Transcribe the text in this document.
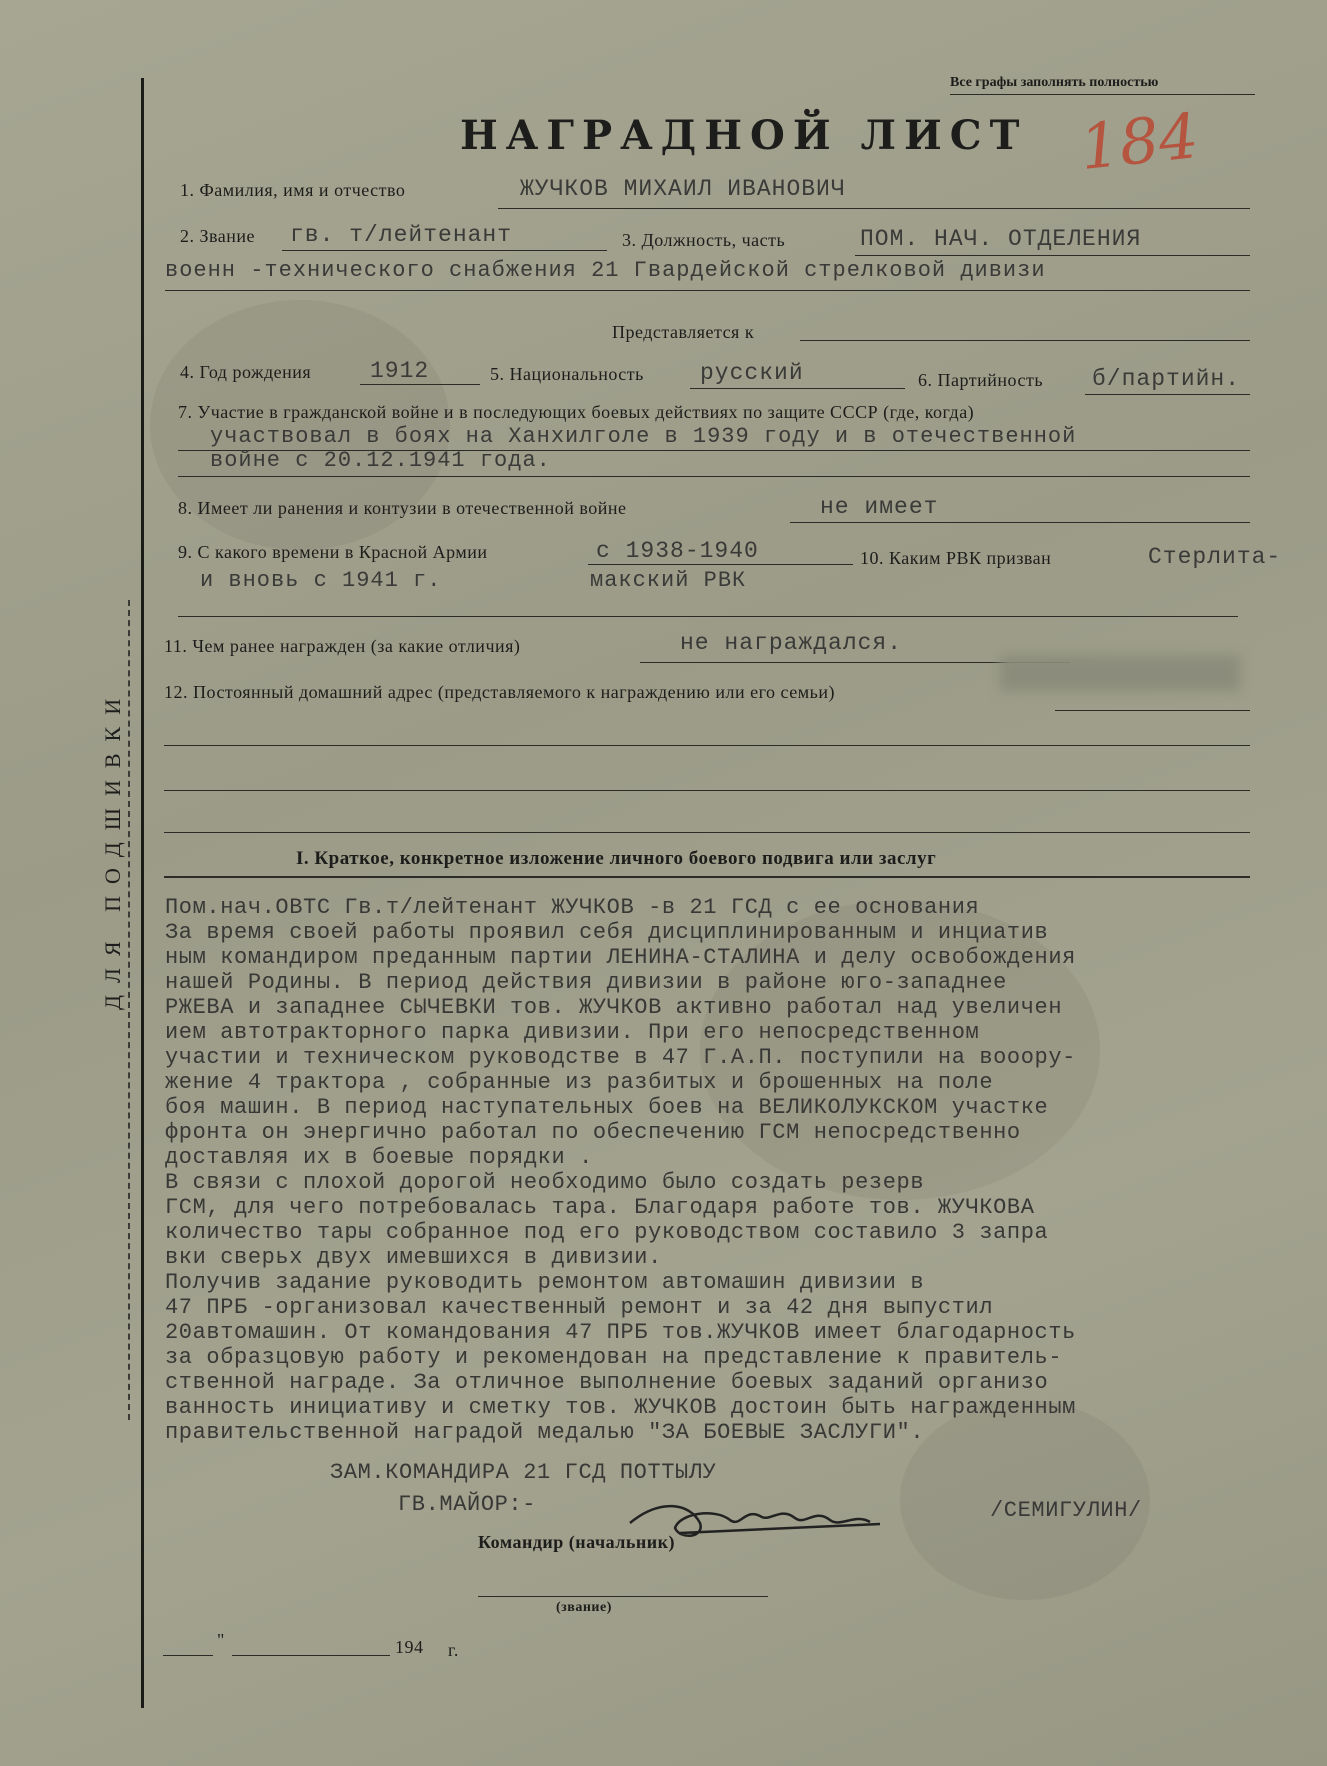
Все графы заполнять полностью
НАГРАДНОЙ ЛИСТ 184
ДЛЯ ПОДШИВКИ
1. Фамилия, имя и отчество	ЖУЧКОВ МИХАИЛ ИВАНОВИЧ
2. Звание гв. т/лейтенант	3. Должность, часть	ПОМ. НАЧ. ОТДЕЛЕНИЯ
военн -технического снабжения 21 Гвардейской стрелковой дивизи
Представляется к
4. Год рождения	1912	5. Национальность русский	6. Партийность б/партийн.
7. Участие в гражданской войне и в последующих боевых действиях по защите СССР (где, когда)
участвовал в боях на Ханхилголе в 1939 году и в отечественной
войне с 20.12.1941 года.
8. Имеет ли ранения и контузии в отечественной войне	не имеет
9. С какого времени в Красной Армии	с 1938-1940	10. Каким РВК призван	Стерлита-
и вновь с 1941 г.	макский РВК
11. Чем ранее награжден (за какие отличия)	не награждался.
12. Постоянный домашний адрес (представляемого к награждению или его семьи)
I. Краткое, конкретное изложение личного боевого подвига или заслуг
Пом.нач.ОВТС Гв.т/лейтенант ЖУЧКОВ -в 21 ГСД с ее основания
За время своей работы проявил себя дисциплинированным и инциатив
ным командиром преданным партии ЛЕНИНА-СТАЛИНА и делу освобождения
нашей Родины. В период действия дивизии в районе юго-западнее
РЖЕВА и западнее СЫЧЕВКИ тов. ЖУЧКОВ активно работал над увеличен
ием автотракторного парка дивизии. При его непосредственном
участии и техническом руководстве в 47 Г.А.П. поступили на вооору-
жение 4 трактора , собранные из разбитых и брошенных на поле
боя машин. В период наступательных боев на ВЕЛИКОЛУКСКОМ участке
фронта он энергично работал по обеспечению ГСМ непосредственно
доставляя их в боевые порядки .
В связи с плохой дорогой необходимо было создать резерв
ГСМ, для чего потребовалась тара. Благодаря работе тов. ЖУЧКОВА
количество тары собранное под его руководством составило 3 запра
вки сверьх двух имевшихся в дивизии.
Получив задание руководить ремонтом автомашин дивизии в
47 ПРБ -организовал качественный ремонт и за 42 дня выпустил
20автомашин. От командования 47 ПРБ тов.ЖУЧКОВ имеет благодарность
за образцовую работу и рекомендован на представление к правитель-
ственной награде. За отличное выполнение боевых заданий организо
ванность инициативу и сметку тов. ЖУЧКОВ достоин быть награжденным
правительственной наградой медалью "ЗА БОЕВЫЕ ЗАСЛУГИ".
ЗАМ.КОМАНДИРА 21 ГСД ПОТТЫЛУ
ГВ.МАЙОР:-	/СЕМИГУЛИН/
Командир (начальник)
(звание)
"	194 г.
